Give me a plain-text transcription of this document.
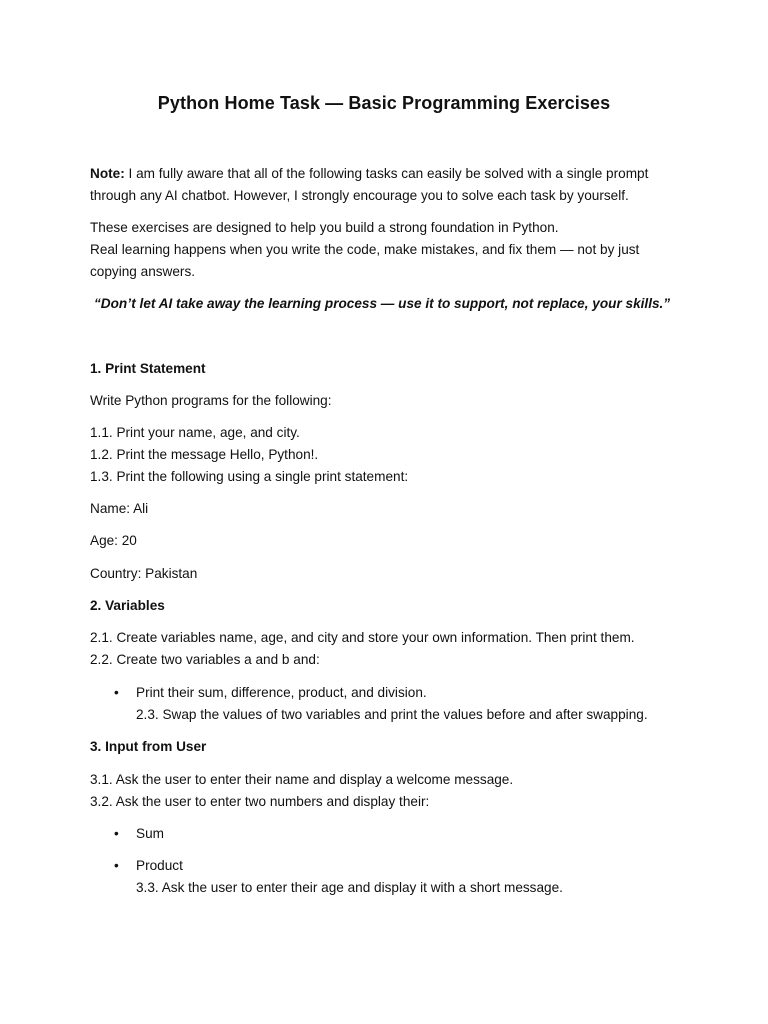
Python Home Task — Basic Programming Exercises
Note: I am fully aware that all of the following tasks can easily be solved with a single prompt
through any AI chatbot. However, I strongly encourage you to solve each task by yourself.
These exercises are designed to help you build a strong foundation in Python.
Real learning happens when you write the code, make mistakes, and fix them — not by just
copying answers.
“Don’t let AI take away the learning process — use it to support, not replace, your skills.”
1. Print Statement
Write Python programs for the following:
1.1. Print your name, age, and city.
1.2. Print the message Hello, Python!.
1.3. Print the following using a single print statement:
Name: Ali
Age: 20
Country: Pakistan
2. Variables
2.1. Create variables name, age, and city and store your own information. Then print them.
2.2. Create two variables a and b and:
• Print their sum, difference, product, and division.
2.3. Swap the values of two variables and print the values before and after swapping.
3. Input from User
3.1. Ask the user to enter their name and display a welcome message.
3.2. Ask the user to enter two numbers and display their:
• Sum
• Product
3.3. Ask the user to enter their age and display it with a short message.
